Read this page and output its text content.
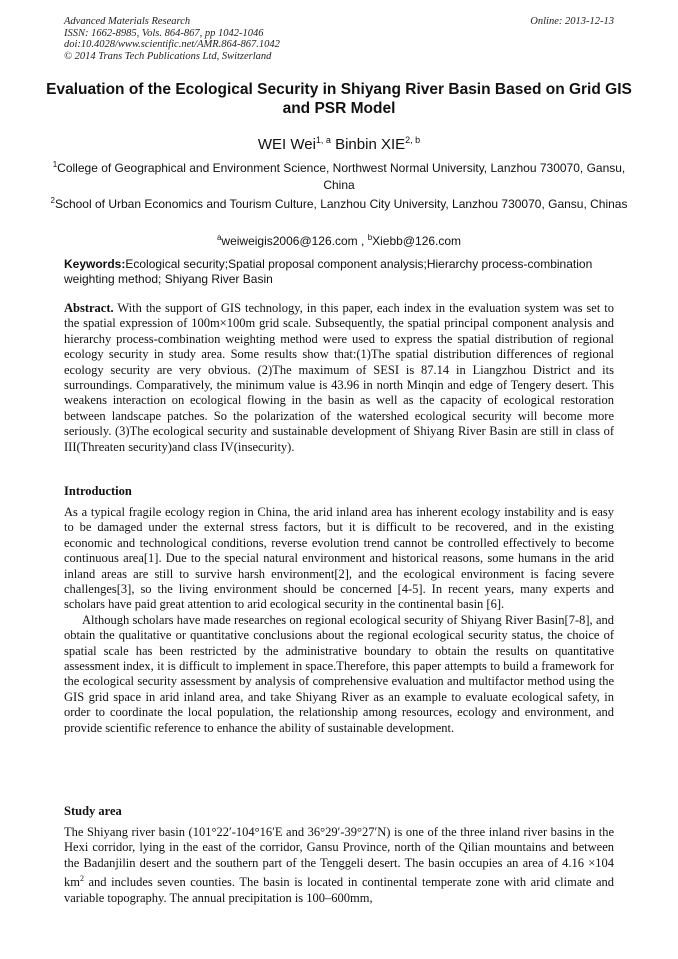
Advanced Materials Research
ISSN: 1662-8985, Vols. 864-867, pp 1042-1046
doi:10.4028/www.scientific.net/AMR.864-867.1042
© 2014 Trans Tech Publications Ltd, Switzerland
Online: 2013-12-13
Evaluation of the Ecological Security in Shiyang River Basin Based on Grid GIS and PSR Model
WEI Wei$^{1, a}$ Binbin XIE$^{2, b}$
$^1$College of Geographical and Environment Science, Northwest Normal University, Lanzhou 730070, Gansu, China
$^2$School of Urban Economics and Tourism Culture, Lanzhou City University, Lanzhou 730070, Gansu, Chinas
$^a$weiweigis2006@126.com , $^b$Xiebb@126.com
Keywords:Ecological security;Spatial proposal component analysis;Hierarchy process-combination weighting method; Shiyang River Basin

Abstract. With the support of GIS technology, in this paper, each index in the evaluation system was set to the spatial expression of 100m×100m grid scale. Subsequently, the spatial principal component analysis and hierarchy process-combination weighting method were used to express the spatial distribution of regional ecology security in study area. Some results show that:(1)The spatial distribution differences of regional ecology security are very obvious. (2)The maximum of SESI is 87.14 in Liangzhou District and its surroundings. Comparatively, the minimum value is 43.96 in north Minqin and edge of Tengery desert. This weakens interaction on ecological flowing in the basin as well as the capacity of ecological restoration between landscape patches. So the polarization of the watershed ecological security will become more seriously. (3)The ecological security and sustainable development of Shiyang River Basin are still in class of III(Threaten security)and class IV(insecurity).

Introduction

As a typical fragile ecology region in China, the arid inland area has inherent ecology instability and is easy to be damaged under the external stress factors, but it is difficult to be recovered, and in the existing economic and technological conditions, reverse evolution trend cannot be controlled effectively to become continuous area[1]. Due to the special natural environment and historical reasons, some humans in the arid inland areas are still to survive harsh environment[2], and the ecological environment is facing severe challenges[3], so the living environment should be concerned [4-5]. In recent years, many experts and scholars have paid great attention to arid ecological security in the continental basin [6].

Although scholars have made researches on regional ecological security of Shiyang River Basin[7-8], and obtain the qualitative or quantitative conclusions about the regional ecological security status, the choice of spatial scale has been restricted by the administrative boundary to obtain the results on quantitative assessment index, it is difficult to implement in space.Therefore, this paper attempts to build a framework for the ecological security assessment by analysis of comprehensive evaluation and multifactor method using the GIS grid space in arid inland area, and take Shiyang River as an example to evaluate ecological safety, in order to coordinate the local population, the relationship among resources, ecology and environment, and provide scientific reference to enhance the ability of sustainable development.

Study area

The Shiyang river basin (101°22′-104°16′E and 36°29′-39°27′N) is one of the three inland river basins in the Hexi corridor, lying in the east of the corridor, Gansu Province, north of the Qilian mountains and between the Badanjilin desert and the southern part of the Tenggeli desert. The basin occupies an area of 4.16 ×104 $km^2$ and includes seven counties. The basin is located in continental temperate zone with arid climate and variable topography. The annual precipitation is 100–600mm,
